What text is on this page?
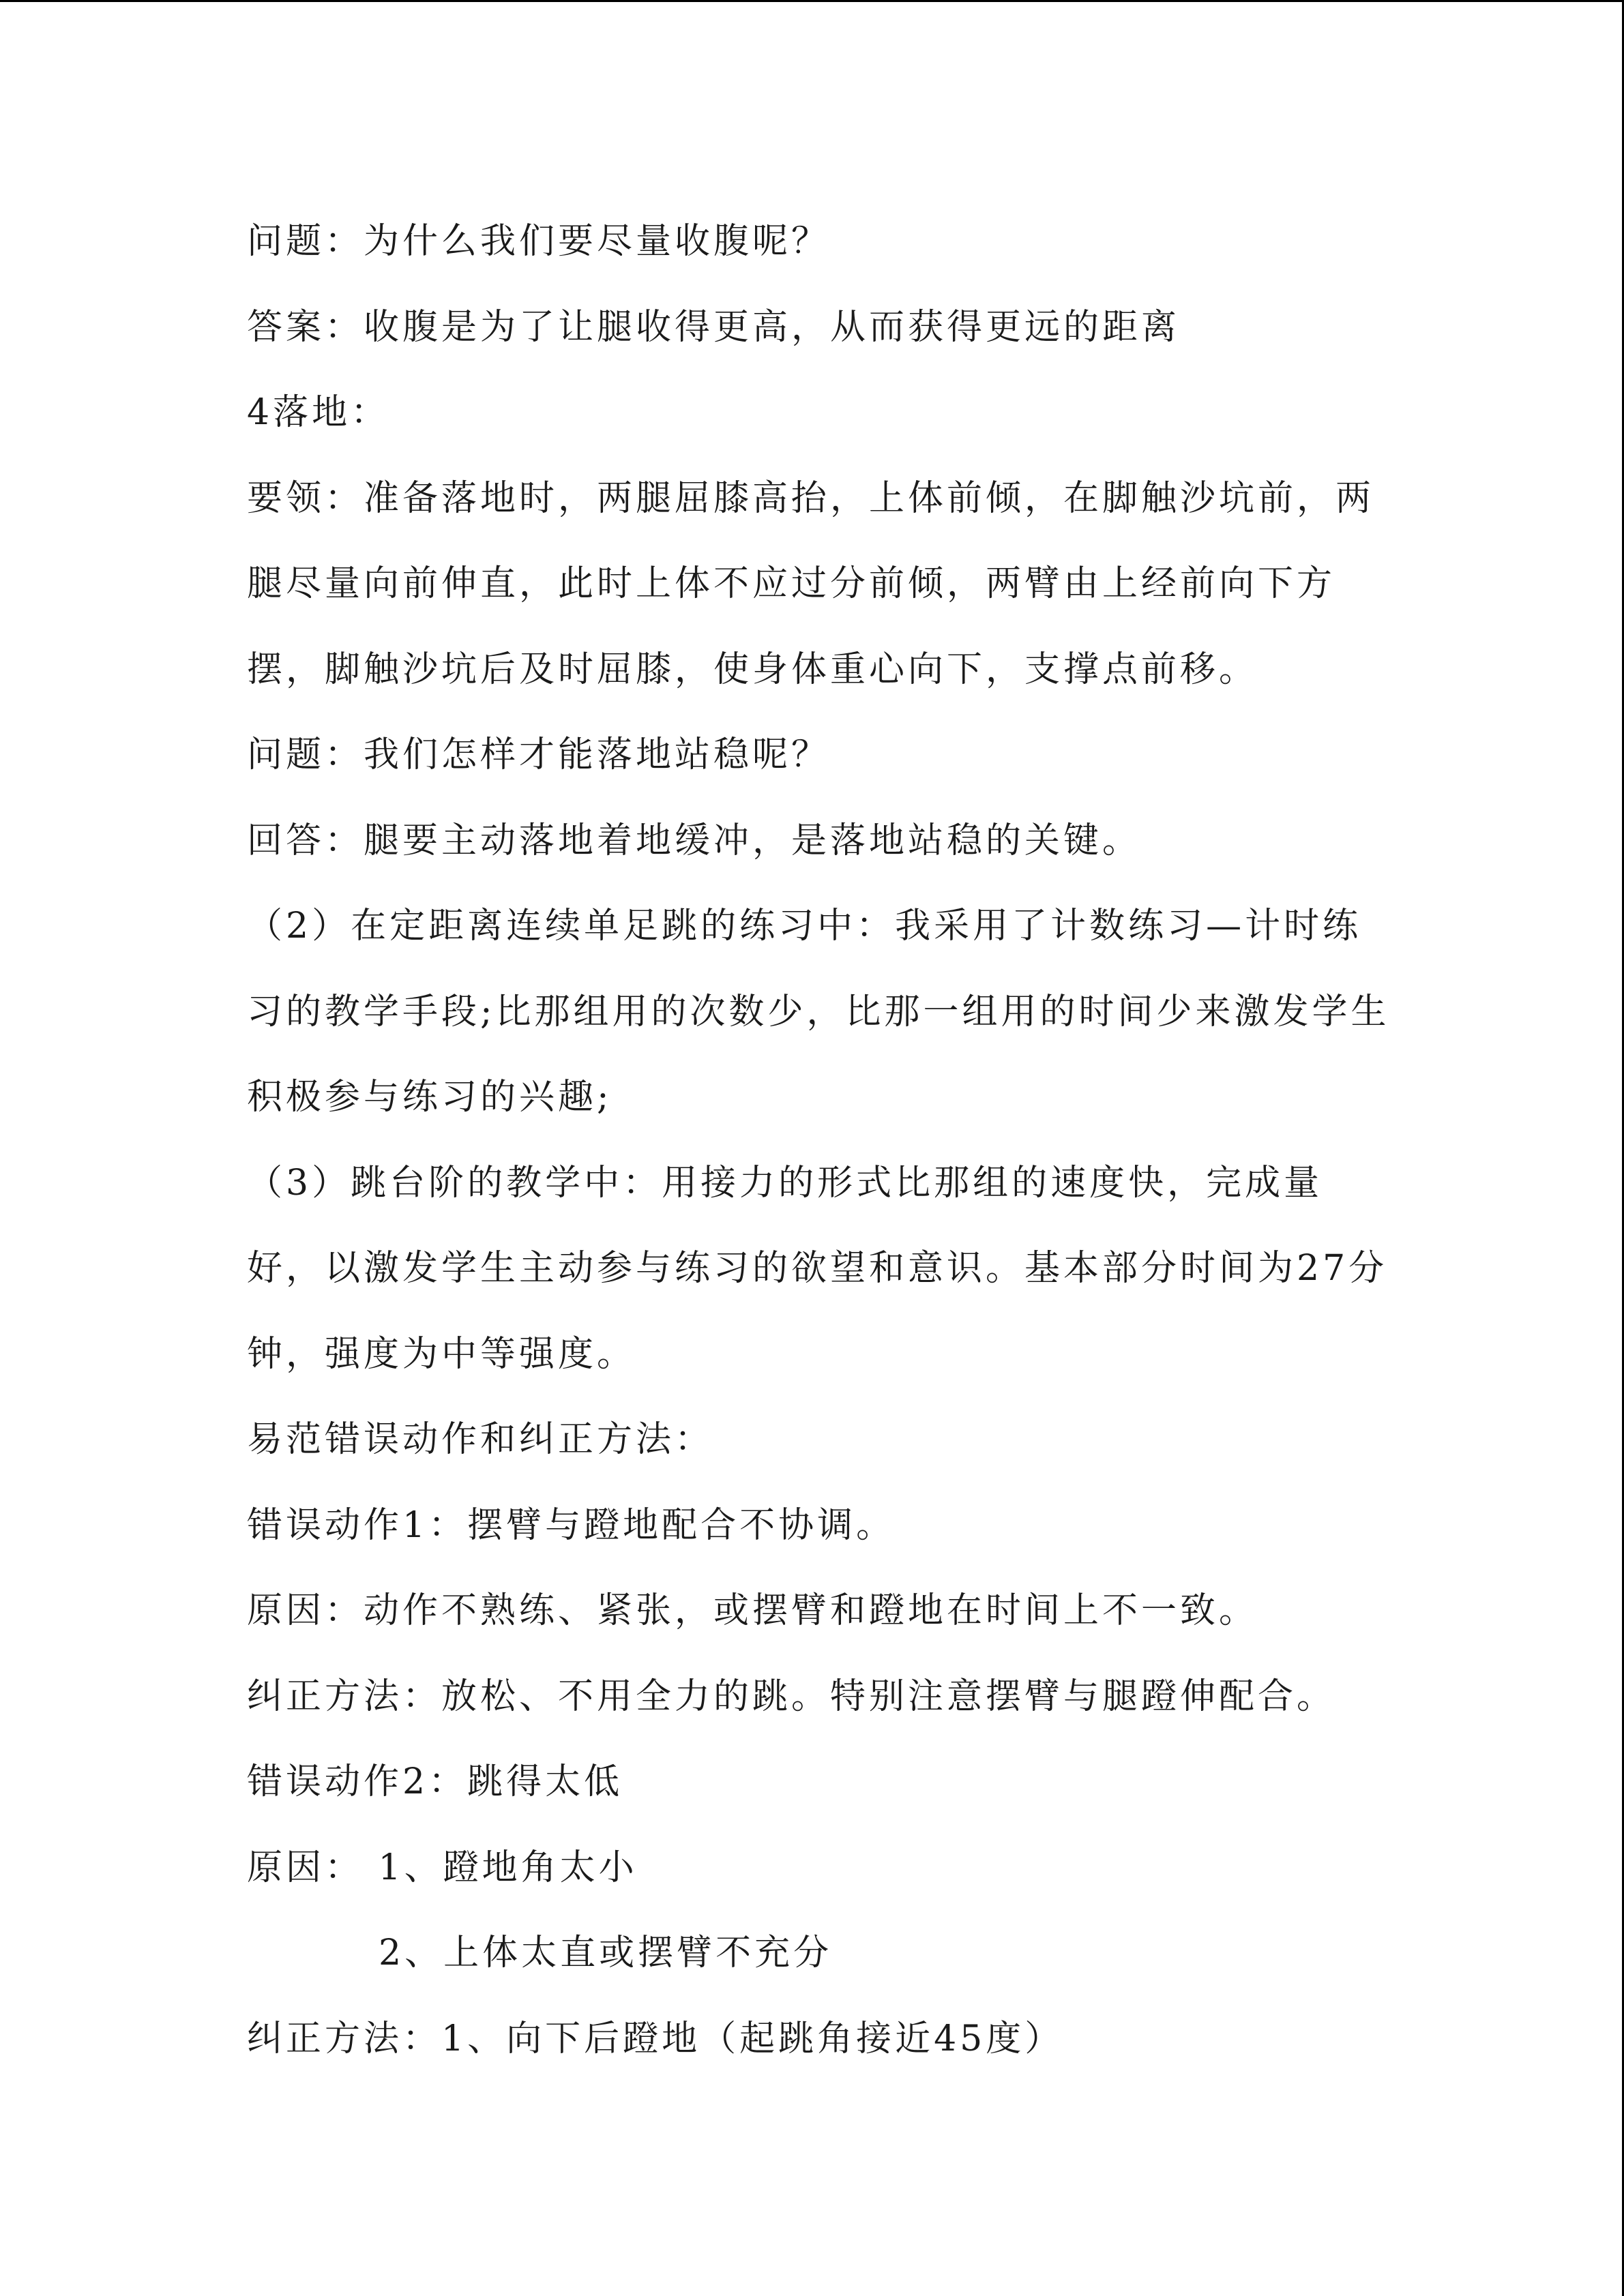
问题：为什么我们要尽量收腹呢？
答案：收腹是为了让腿收得更高，从而获得更远的距离
4落地：
要领：准备落地时，两腿屈膝高抬，上体前倾，在脚触沙坑前，两
腿尽量向前伸直，此时上体不应过分前倾，两臂由上经前向下方
摆，脚触沙坑后及时屈膝，使身体重心向下，支撑点前移。
问题：我们怎样才能落地站稳呢？
回答：腿要主动落地着地缓冲，是落地站稳的关键。
（2）在定距离连续单足跳的练习中：我采用了计数练习—计时练
习的教学手段;比那组用的次数少，比那一组用的时间少来激发学生
积极参与练习的兴趣;
（3）跳台阶的教学中：用接力的形式比那组的速度快，完成量
好，以激发学生主动参与练习的欲望和意识。基本部分时间为27分
钟，强度为中等强度。
易范错误动作和纠正方法：
错误动作1：摆臂与蹬地配合不协调。
原因：动作不熟练、紧张，或摆臂和蹬地在时间上不一致。
纠正方法：放松、不用全力的跳。特别注意摆臂与腿蹬伸配合。
错误动作2：跳得太低
原因： 1、蹬地角太小
2、上体太直或摆臂不充分
纠正方法：1、向下后蹬地（起跳角接近45度）
